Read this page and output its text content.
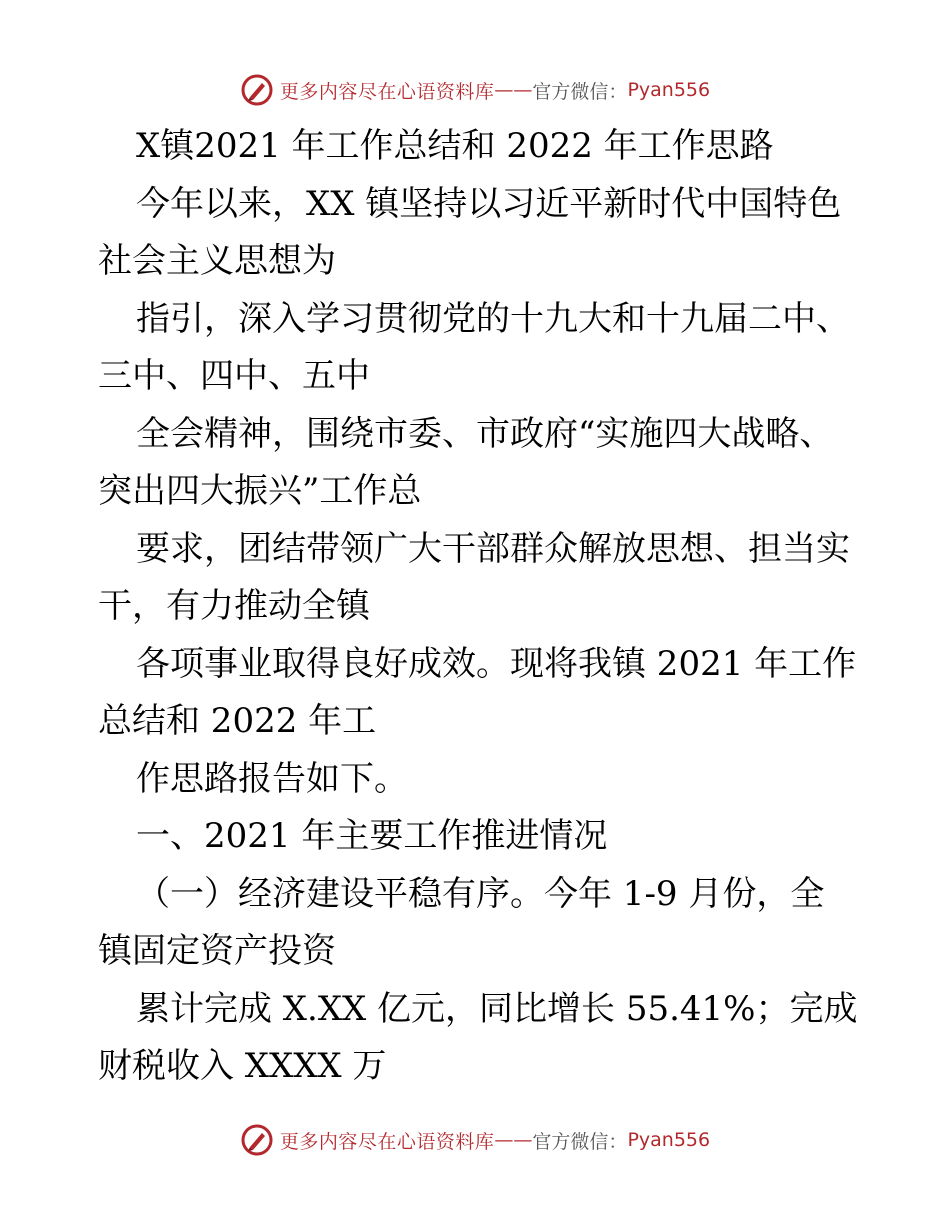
更多内容尽在心语资料库 —— 官方微信： Pyan556
X镇2021 年工作总结和 2022 年工作思路
今年以来，XX 镇坚持以习近平新时代中国特色
社会主义思想为
指引，深入学习贯彻党的十九大和十九届二中、
三中、四中、五中
全会精神，围绕市委、市政府“实施四大战略、
突出四大振兴”工作总
要求，团结带领广大干部群众解放思想、担当实
干，有力推动全镇
各项事业取得良好成效。现将我镇 2021 年工作
总结和 2022 年工
作思路报告如下。
一、2021 年主要工作推进情况
（一）经济建设平稳有序。今年 1-9 月份，全
镇固定资产投资
累计完成 X.XX 亿元，同比增长 55.41%；完成
财税收入 XXXX 万
更多内容尽在心语资料库 —— 官方微信： Pyan556
